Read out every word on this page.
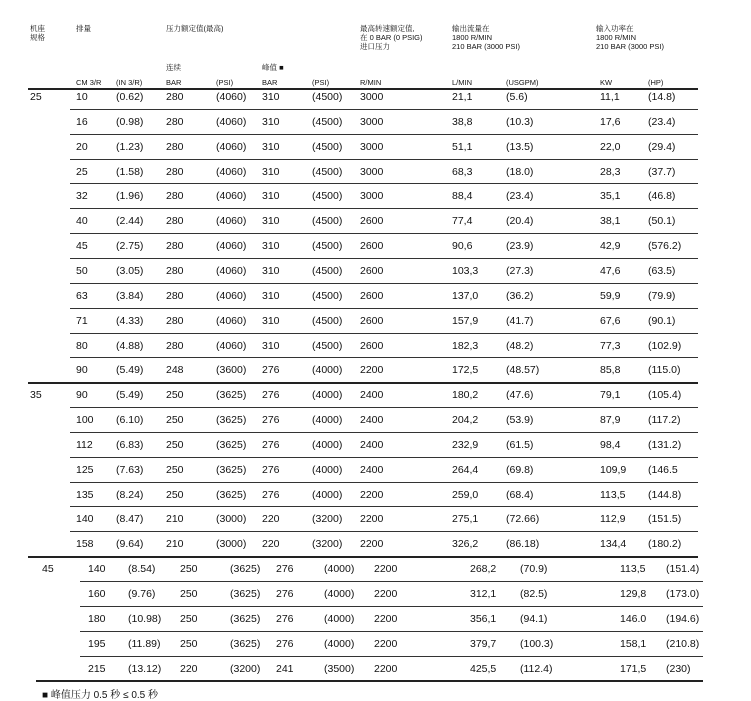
机座
规格
排量	压力额定值(最高)	最高转速额定值,
在 0 BAR (0 PSIG)
进口压力
输出流量在
1800 R/MIN
210 BAR (3000 PSI)
输入功率在
1800 R/MIN
210 BAR (3000 PSI)
连续	峰值 ■
CM 3/R (IN 3/R)	BAR	(PSI)	BAR	(PSI)	R/MIN	L/MIN	(USGPM)	KW	(HP)
25	10	(0.62) 280	(4060) 310	(4500) 3000	21,1	(5.6)	11,1	(14.8)
16	(0.98) 280	(4060) 310	(4500) 3000	38,8	(10.3)	17,6	(23.4)
20	(1.23) 280	(4060) 310	(4500) 3000	51,1	(13.5)	22,0	(29.4)
25	(1.58) 280	(4060) 310	(4500) 3000	68,3	(18.0)	28,3	(37.7)
32	(1.96) 280	(4060) 310	(4500) 3000	88,4	(23.4)	35,1	(46.8)
40	(2.44) 280	(4060) 310	(4500) 2600	77,4	(20.4)	38,1	(50.1)
45	(2.75) 280	(4060) 310	(4500) 2600	90,6	(23.9)	42,9	(576.2)
50	(3.05) 280	(4060) 310	(4500) 2600	103,3	(27.3)	47,6	(63.5)
63	(3.84) 280	(4060) 310	(4500) 2600	137,0	(36.2)	59,9	(79.9)
71	(4.33) 280	(4060) 310	(4500) 2600	157,9	(41.7)	67,6	(90.1)
80	(4.88) 280	(4060) 310	(4500) 2600	182,3	(48.2)	77,3	(102.9)
90	(5.49) 248	(3600) 276	(4000) 2200	172,5	(48.57)	85,8	(115.0)
35	90	(5.49) 250	(3625) 276	(4000) 2400	180,2	(47.6)	79,1	(105.4)
100 (6.10) 250	(3625) 276	(4000) 2400	204,2	(53.9)	87,9	(117.2)
112 (6.83) 250	(3625) 276	(4000) 2400	232,9	(61.5)	98,4	(131.2)
125 (7.63) 250	(3625) 276	(4000) 2400	264,4	(69.8)	109,9 (146.5
135 (8.24) 250	(3625) 276	(4000) 2200	259,0	(68.4)	113,5 (144.8)
140 (8.47) 210	(3000) 220	(3200) 2200	275,1	(72.66)	112,9 (151.5)
158 (9.64) 210	(3000) 220	(3200) 2200	326,2	(86.18)	134,4 (180.2)
45	140 (8.54) 250	(3625) 276	(4000) 2200	268,2 (70.9)	113,5 (151.4)
160 (9.76) 250	(3625) 276	(4000) 2200	312,1 (82.5)	129,8 (173.0)
180 (10.98) 250	(3625) 276	(4000) 2200	356,1 (94.1)	146.0 (194.6)
195 (11.89) 250	(3625) 276	(4000) 2200	379,7 (100.3)	158,1 (210.8)
215 (13.12) 220	(3200) 241	(3500) 2200	425,5 (112.4)	171,5 (230)
■ 峰值压力 0.5 秒 ≤ 0.5 秒
